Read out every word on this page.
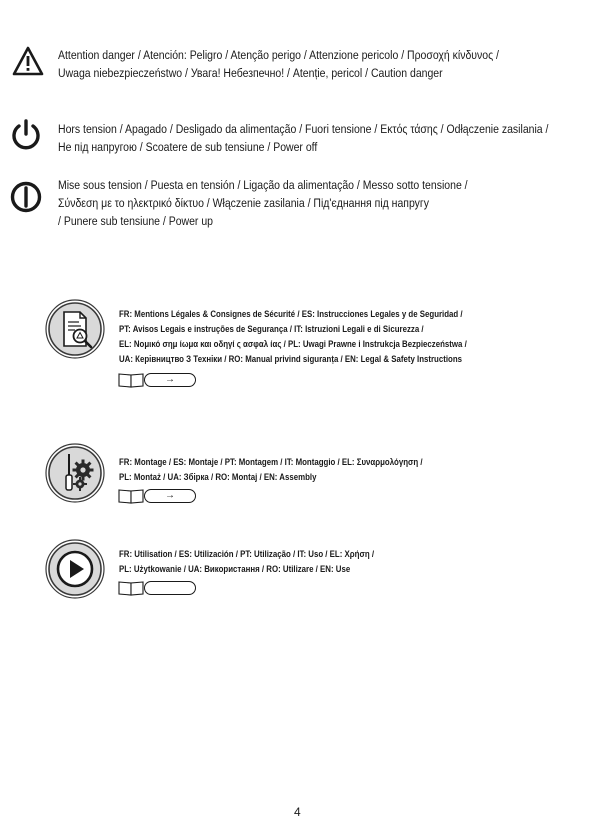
Attention danger / Atención: Peligro / Atenção perigo / Attenzione pericolo / Προσοχή κίνδυνος /
Uwaga niebezpieczeństwo / Увага! Небезпечно! / Atenție, pericol / Caution danger
Hors tension / Apagado / Desligado da alimentação / Fuori tensione / Εκτός τάσης / Odłączenie zasilania /
Не під напругою / Scoatere de sub tensiune / Power off
Mise sous tension / Puesta en tensión / Ligação da alimentação / Messo sotto tensione /
Σύνδεση με το ηλεκτρικό δίκτυο / Włączenie zasilania / Під'єднання під напругу
/ Punere sub tensiune / Power up
FR: Mentions Légales & Consignes de Sécurité / ES: Instrucciones Legales y de Seguridad /
PT: Avisos Legais e instruções de Segurança / IT: Istruzioni Legali e di Sicurezza /
EL: Νομικό σημ ίωμα και οδηγί ς ασφαλ ίας / PL: Uwagi Prawne i Instrukcja Bezpieczeństwa /
UA: Керівництво З Техніки / RO: Manual privind siguranța / EN: Legal & Safety Instructions
→
FR: Montage / ES: Montaje / PT: Montagem / IT: Montaggio / EL: Συναρμολόγηση /
PL: Montaż / UA: Збірка / RO: Montaj / EN: Assembly
→
FR: Utilisation / ES: Utilización / PT: Utilização / IT: Uso / EL: Χρήση /
PL: Użytkowanie / UA: Використання / RO: Utilizare / EN: Use
4
